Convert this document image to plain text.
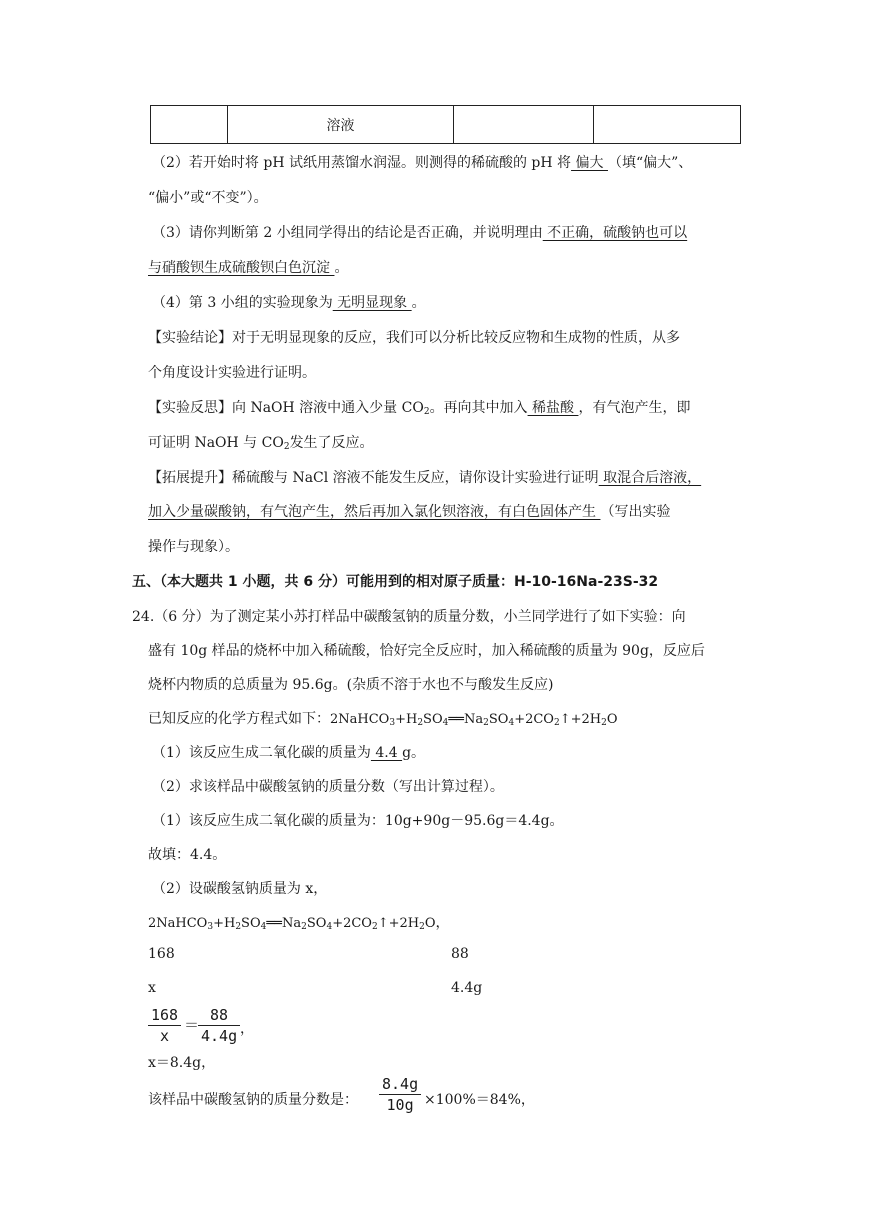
	溶液		
（2）若开始时将 pH 试纸用蒸馏水润湿。则测得的稀硫酸的 pH 将 偏大 （填“偏大”、
“偏小”或“不变”）。
（3）请你判断第 2 小组同学得出的结论是否正确，并说明理由 不正确，硫酸钠也可以
与硝酸钡生成硫酸钡白色沉淀 。
（4）第 3 小组的实验现象为 无明显现象 。
【实验结论】对于无明显现象的反应，我们可以分析比较反应物和生成物的性质，从多
个角度设计实验进行证明。
【实验反思】向 NaOH 溶液中通入少量 $CO_2$。再向其中加入 稀盐酸 ，有气泡产生，即
可证明 NaOH 与 $CO_2$发生了反应。
【拓展提升】稀硫酸与 NaCl 溶液不能发生反应，请你设计实验进行证明 取混合后溶液，
加入少量碳酸钠，有气泡产生，然后再加入氯化钡溶液，有白色固体产生 （写出实验
操作与现象）。
五、（本大题共 1 小题，共 6 分）可能用到的相对原子质量：H-10-16Na-23S-32
24.（6 分）为了测定某小苏打样品中碳酸氢钠的质量分数，小兰同学进行了如下实验：向
盛有 10g 样品的烧杯中加入稀硫酸，恰好完全反应时，加入稀硫酸的质量为 90g，反应后
烧杯内物质的总质量为 95.6g。(杂质不溶于水也不与酸发生反应)
已知反应的化学方程式如下：$2NaHCO_3+H_2SO_4══Na_2SO_4+2CO_2↑+2H_2O$
（1）该反应生成二氧化碳的质量为 4.4 g。
（2）求该样品中碳酸氢钠的质量分数（写出计算过程）。
（1）该反应生成二氧化碳的质量为：10g+90g－95.6g＝4.4g。
故填：4.4。
（2）设碳酸氢钠质量为 x，
$2NaHCO_3+H_2SO_4══Na_2SO_4+2CO_2↑+2H_2O$，
168	88
x	4.4g
$\frac{168}{x}$ ＝
$\frac{88}{4.4g}$ ，
x＝8.4g，
该样品中碳酸氢钠的质量分数是： $\frac{8.4g}{10g} \times 100\%=84\%$，
